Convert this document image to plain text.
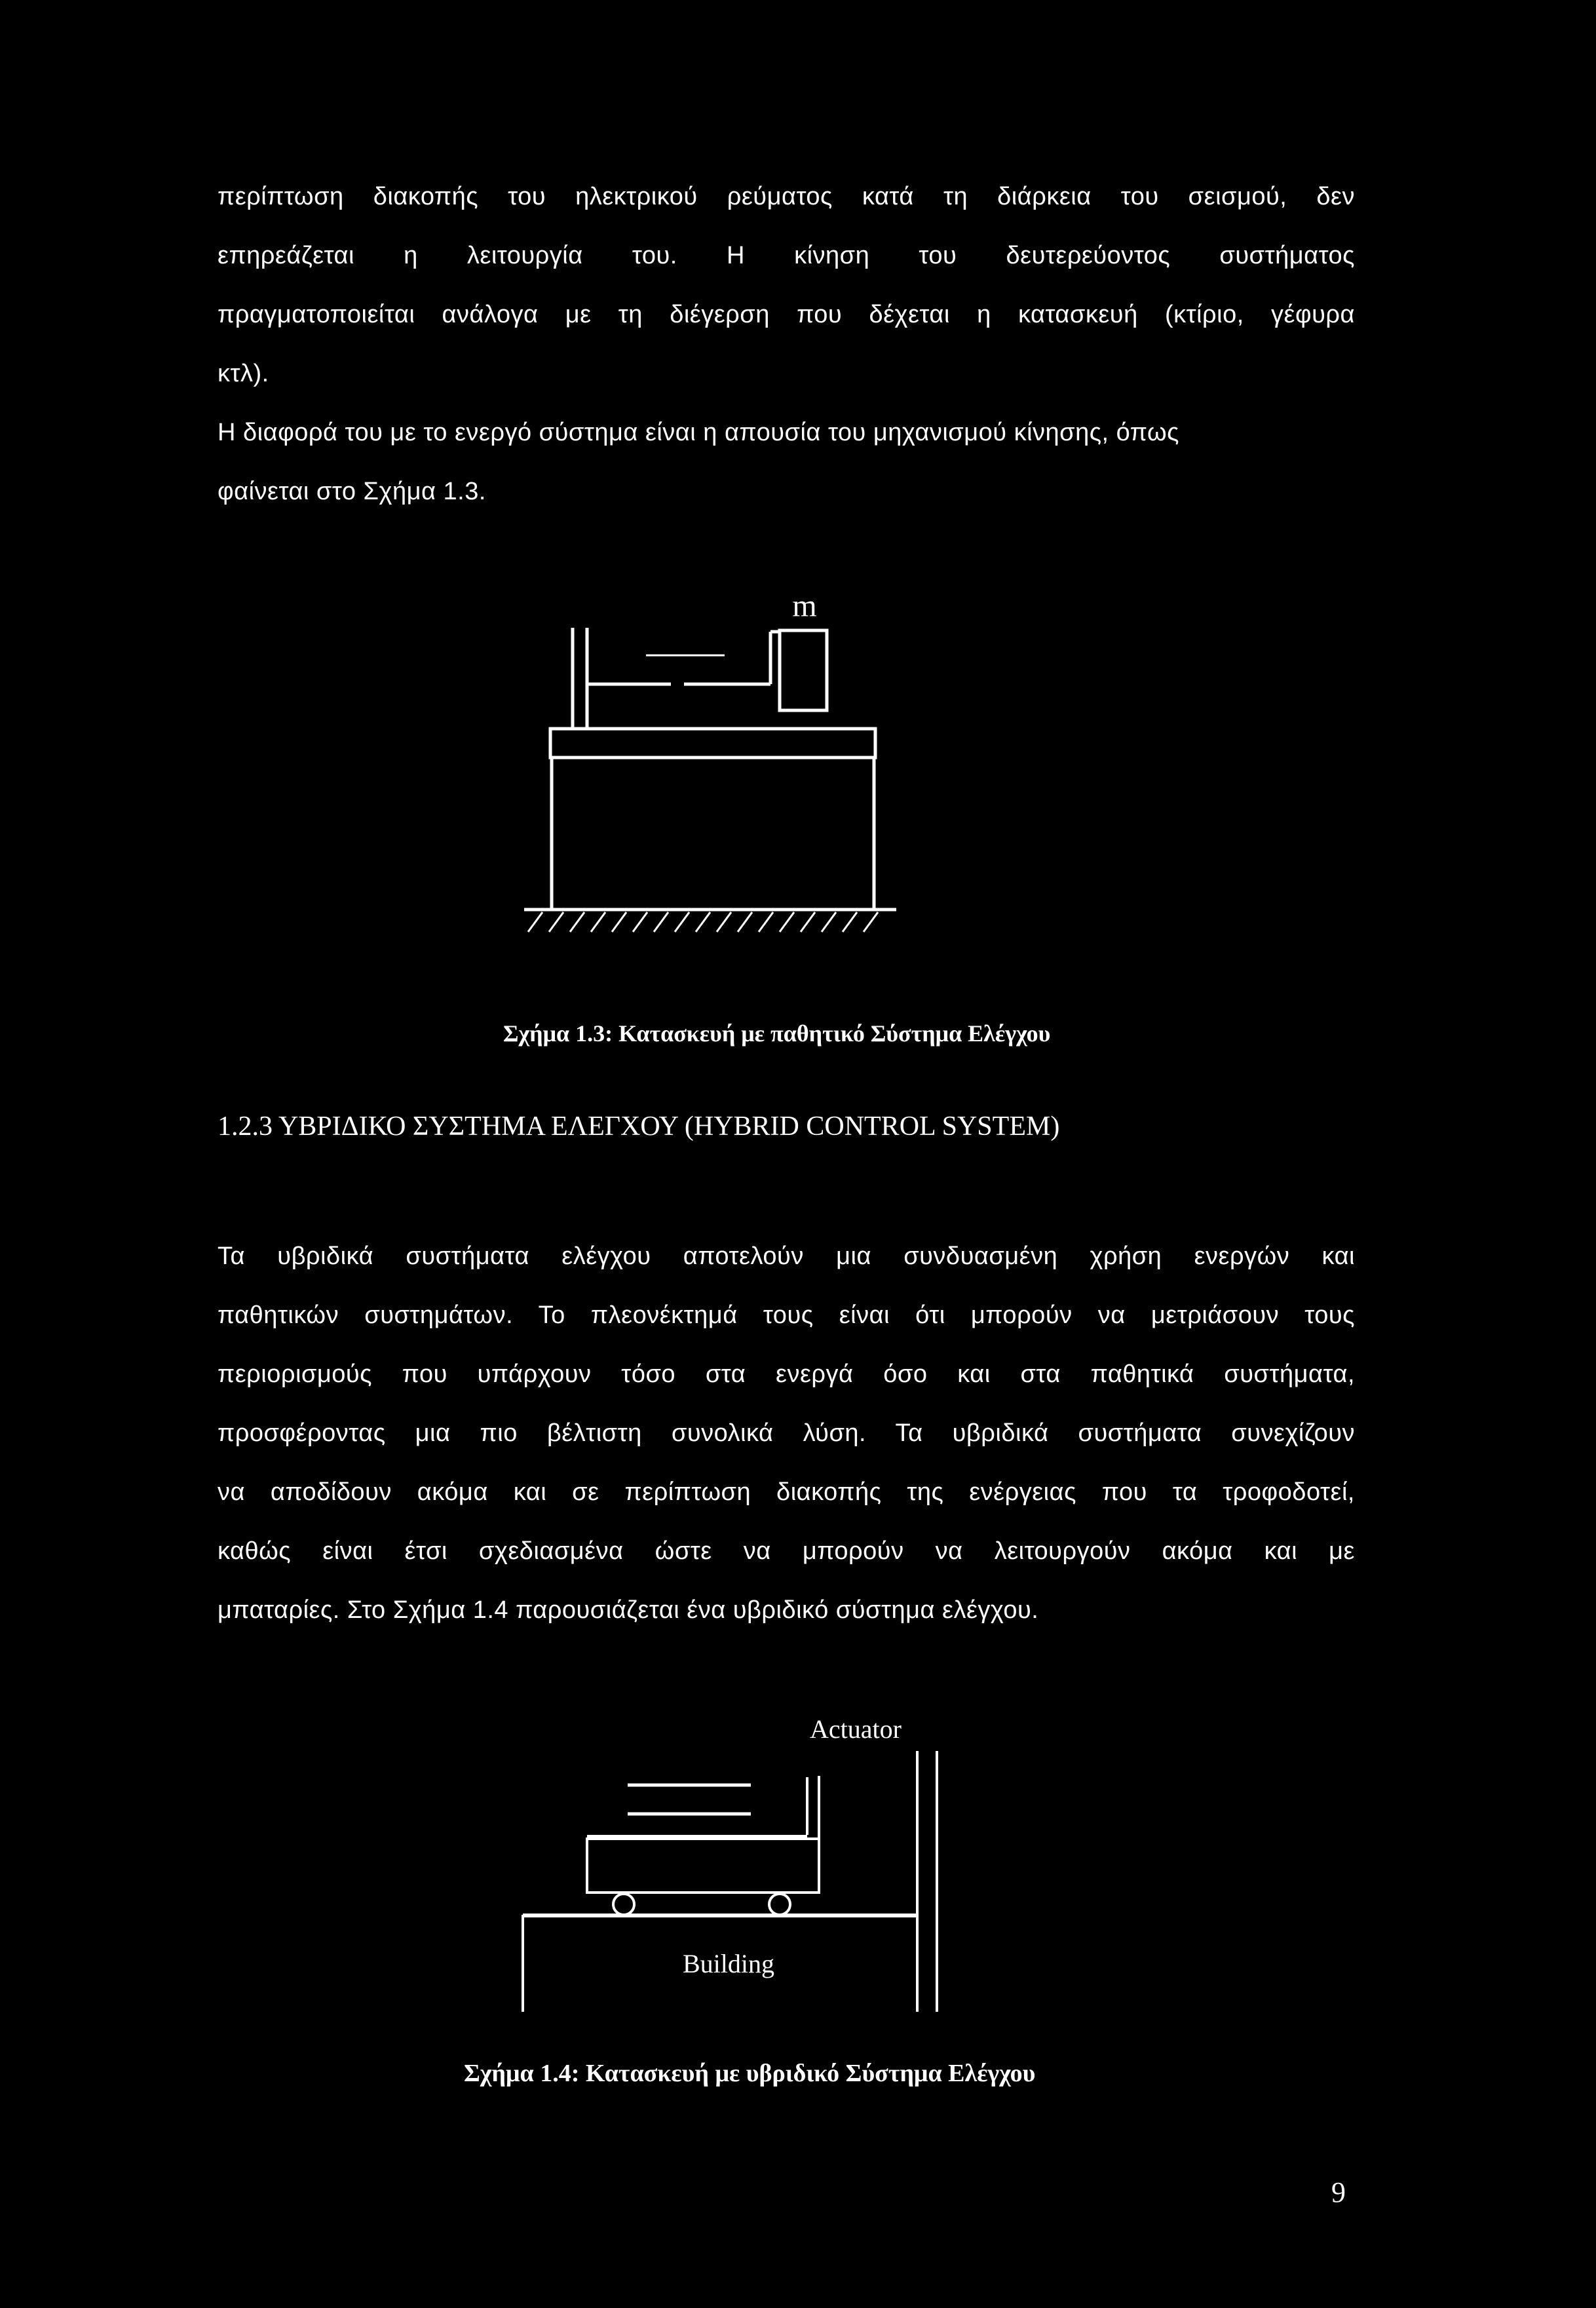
περίπτωση διακοπής του ηλεκτρικού ρεύματος κατά τη διάρκεια του σεισμού, δεν
επηρεάζεται η λειτουργία του. Η κίνηση του δευτερεύοντος συστήματος
πραγματοποιείται ανάλογα με τη διέγερση που δέχεται η κατασκευή (κτίριο, γέφυρα
κτλ).
Η διαφορά του με το ενεργό σύστημα είναι η απουσία του μηχανισμού κίνησης, όπως
φαίνεται στο Σχήμα 1.3.
m
Σχήμα 1.3: Κατασκευή με παθητικό Σύστημα Ελέγχου
1.2.3 ΥΒΡΙΔΙΚΟ ΣΥΣΤΗΜΑ ΕΛΕΓΧΟΥ (HYBRID CONTROL SYSTEM)
Τα υβριδικά συστήματα ελέγχου αποτελούν μια συνδυασμένη χρήση ενεργών και
παθητικών συστημάτων. Το πλεονέκτημά τους είναι ότι μπορούν να μετριάσουν τους
περιορισμούς που υπάρχουν τόσο στα ενεργά όσο και στα παθητικά συστήματα,
προσφέροντας μια πιο βέλτιστη συνολικά λύση. Τα υβριδικά συστήματα συνεχίζουν
να αποδίδουν ακόμα και σε περίπτωση διακοπής της ενέργειας που τα τροφοδοτεί,
καθώς είναι έτσι σχεδιασμένα ώστε να μπορούν να λειτουργούν ακόμα και με
μπαταρίες. Στο Σχήμα 1.4 παρουσιάζεται ένα υβριδικό σύστημα ελέγχου.
Actuator
Building
Σχήμα 1.4: Κατασκευή με υβριδικό Σύστημα Ελέγχου
9
